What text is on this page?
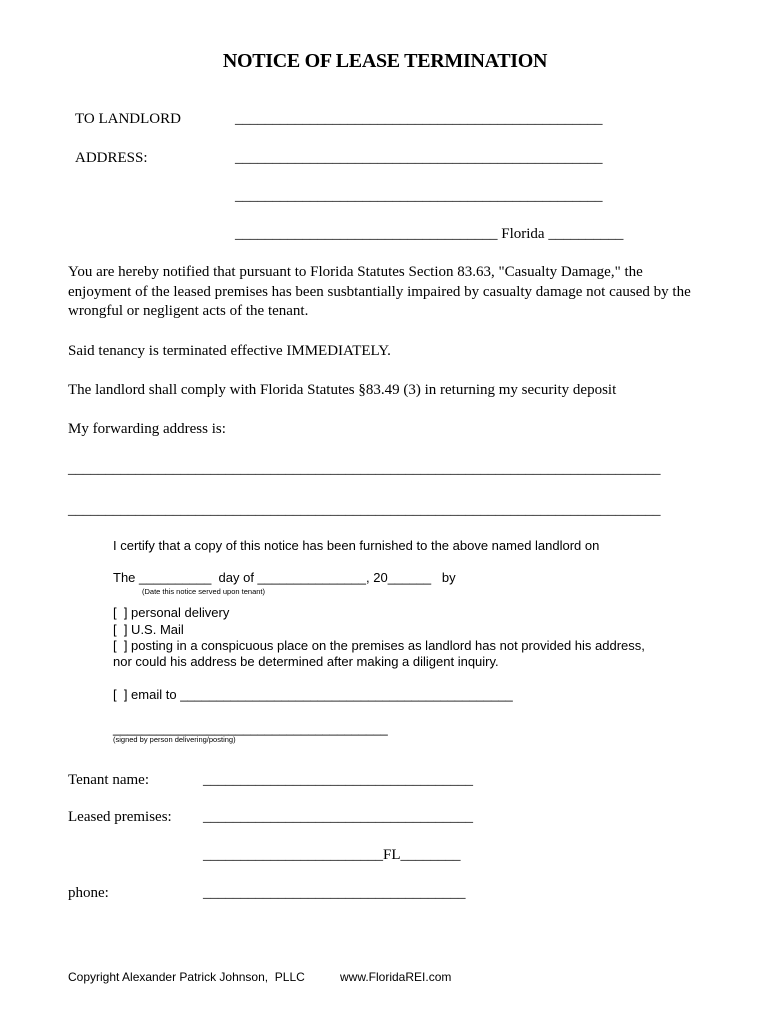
NOTICE OF LEASE TERMINATION
TO LANDLORD	_________________________________________________
ADDRESS:	_________________________________________________
_________________________________________________
___________________________________ Florida __________
You are hereby notified that pursuant to Florida Statutes Section 83.63, "Casualty Damage," the enjoyment of the leased premises has been susbtantially impaired by casualty damage not caused by the wrongful or negligent acts of the tenant.
Said tenancy is terminated effective IMMEDIATELY.
The landlord shall comply with Florida Statutes §83.49 (3) in returning my security deposit
My forwarding address is:
_______________________________________________________________________________
_______________________________________________________________________________
I certify that a copy of this notice has been furnished to the above named landlord on
The __________  day of _______________, 20______   by
(Date this notice served upon tenant)
[  ] personal delivery
[  ] U.S. Mail
[  ] posting in a conspicuous place on the premises as landlord has not provided his address,
nor could his address be determined after making a diligent inquiry.
[  ] email to ______________________________________________
______________________________________
(signed by person delivering/posting)
Tenant name:	____________________________________
Leased premises: ____________________________________
________________________FL________
phone:	___________________________________
Copyright Alexander Patrick Johnson,  PLLC	www.FloridaREI.com
